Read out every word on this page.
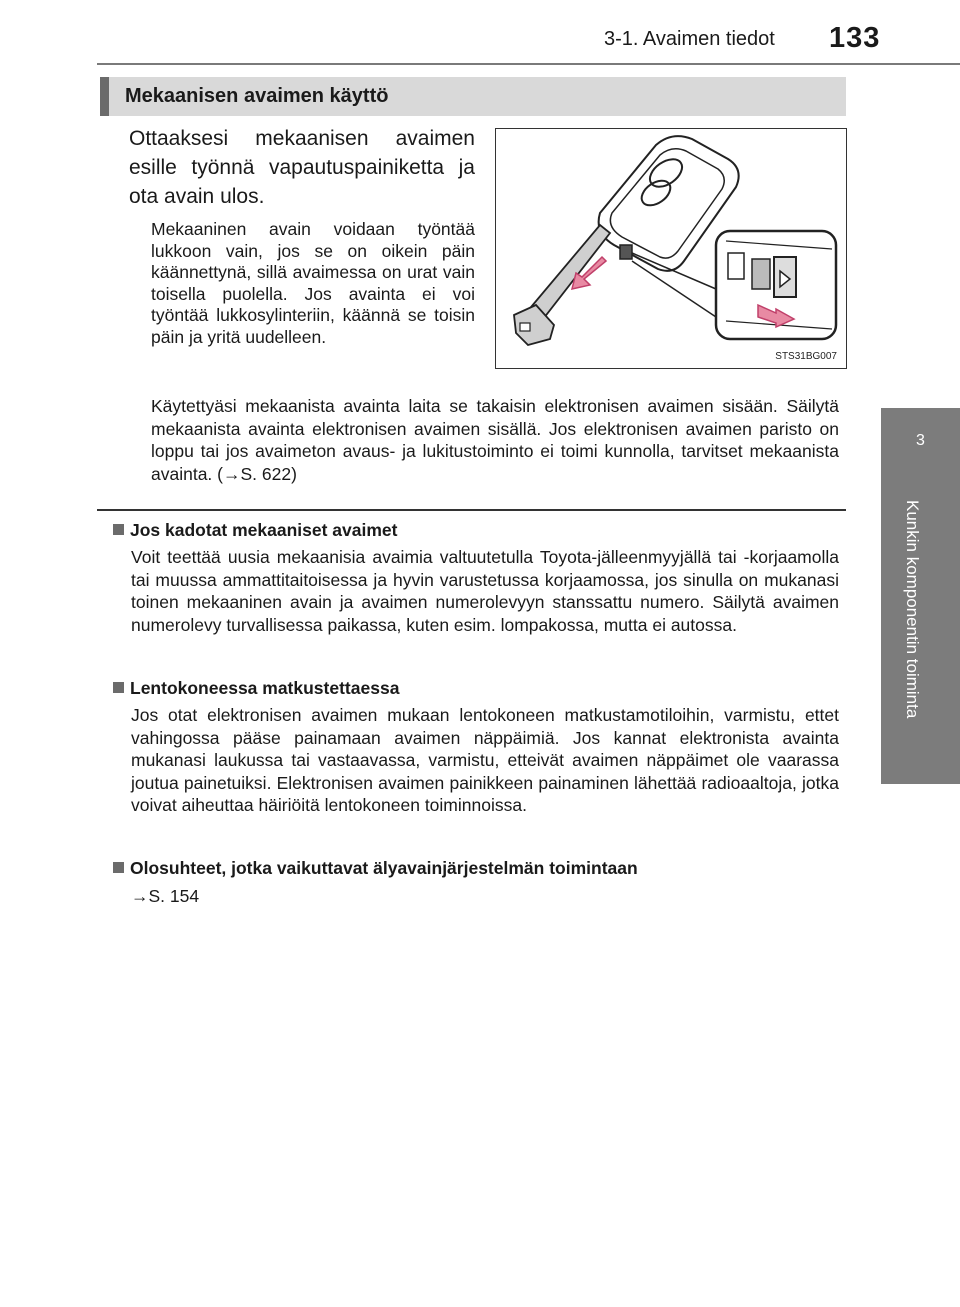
3-1. Avaimen tiedot 133
3
Kunkin komponentin toiminta
Mekaanisen avaimen käyttö
Ottaaksesi mekaanisen avaimen esille työnnä vapautuspainiketta ja ota avain ulos.
Mekaaninen avain voidaan työntää lukkoon vain, jos se on oikein päin käännettynä, sillä avaimessa on urat vain toisella puolella. Jos avainta ei voi työntää lukkosylinteriin, käännä se toisin päin ja yritä uudelleen.
STS31BG007
Käytettyäsi mekaanista avainta laita se takaisin elektronisen avaimen sisään. Säilytä mekaanista avainta elektronisen avaimen sisällä. Jos elektronisen avaimen paristo on loppu tai jos avaimeton avaus- ja lukitustoiminto ei toimi kunnolla, tarvitset mekaanista avainta. (→S. 622)
Jos kadotat mekaaniset avaimet
Voit teettää uusia mekaanisia avaimia valtuutetulla Toyota-jälleenmyyjällä tai -korjaamolla tai muussa ammattitaitoisessa ja hyvin varustetussa korjaamossa, jos sinulla on mukanasi toinen mekaaninen avain ja avaimen numerolevyyn stanssattu numero. Säilytä avaimen numerolevy turvallisessa paikassa, kuten esim. lompakossa, mutta ei autossa.
Lentokoneessa matkustettaessa
Jos otat elektronisen avaimen mukaan lentokoneen matkustamotiloihin, varmistu, ettet vahingossa pääse painamaan avaimen näppäimiä. Jos kannat elektronista avainta mukanasi laukussa tai vastaavassa, varmistu, etteivät avaimen näppäimet ole vaarassa joutua painetuiksi. Elektronisen avaimen painikkeen painaminen lähettää radioaaltoja, jotka voivat aiheuttaa häiriöitä lentokoneen toiminnoissa.
Olosuhteet, jotka vaikuttavat älyavainjärjestelmän toimintaan
→S. 154
